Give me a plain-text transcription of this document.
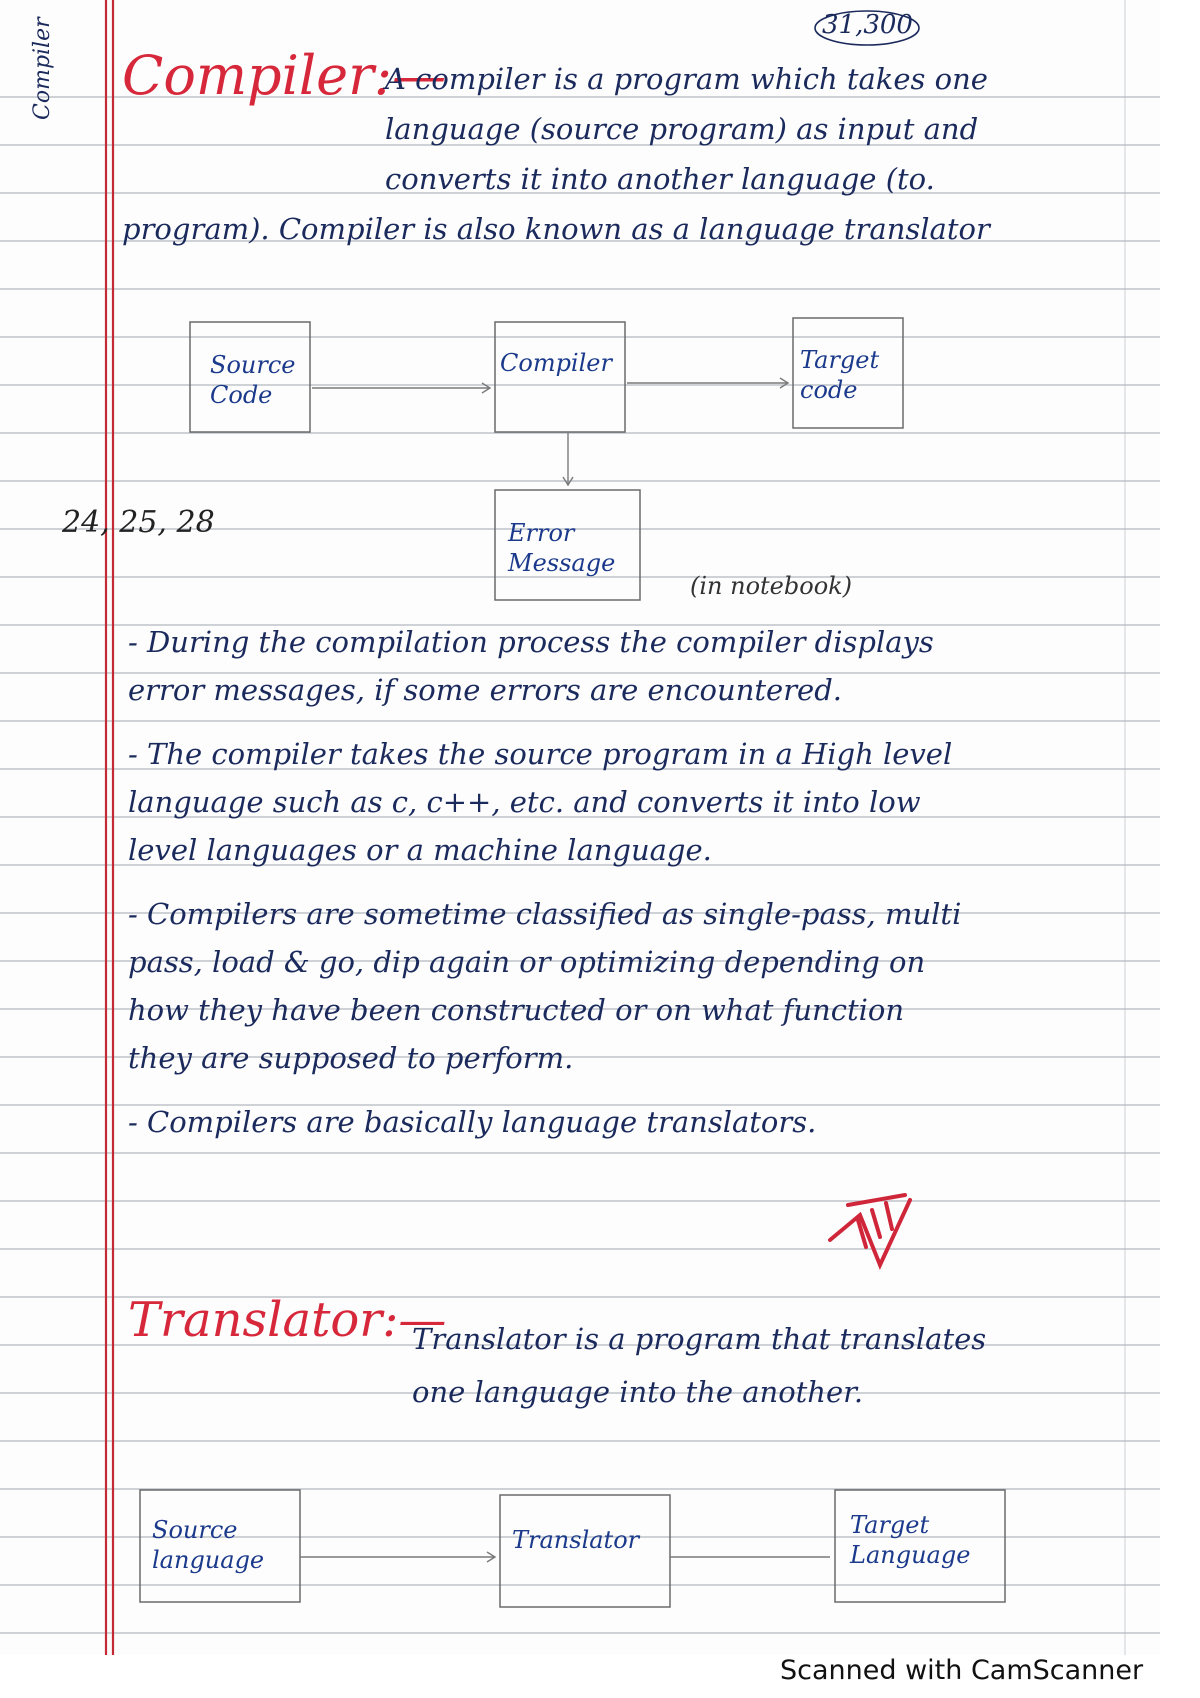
31,300
Compiler Compiler:—
A compiler is a program which takes one
language (source program) as input and
converts it into another language (to.
program). Compiler is also known as a language translator
Source
Code
Compiler	Target
code
Error
Message
24, 25, 28
(in notebook)
- During the compilation process the compiler displays
error messages, if some errors are encountered.
- The compiler takes the source program in a High level
language such as c, c++, etc. and converts it into low
level languages or a machine language.
- Compilers are sometime classified as single-pass, multi
pass, load & go, dip again or optimizing depending on
how they have been constructed or on what function
they are supposed to perform.
- Compilers are basically language translators.
Translator:—
Translator is a program that translates
one language into the another.
Source
language
Translator
Target
Language
Scanned with CamScanner
